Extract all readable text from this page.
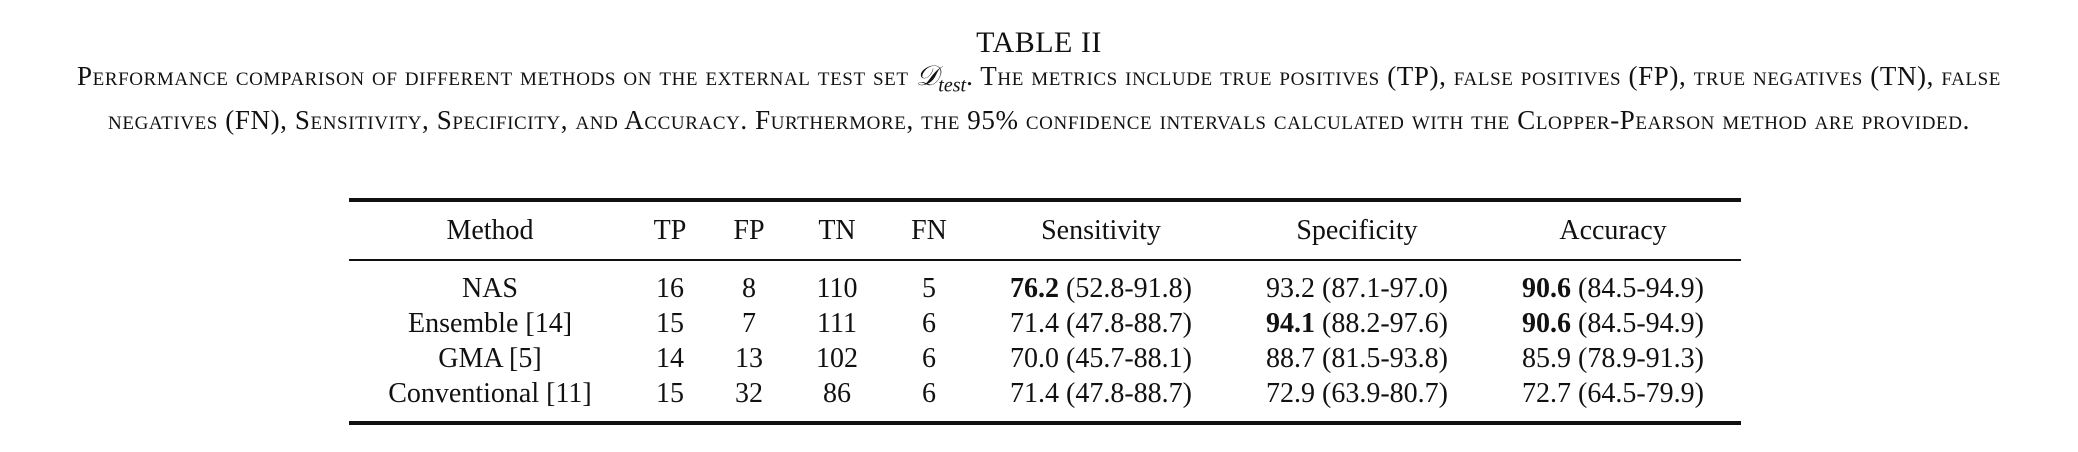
TABLE II
Performance comparison of different methods on the external test set 𝒟$_{test}$. The metrics include true positives (TP), false positives (FP), true negatives (TN), false negatives (FN), Sensitivity, Specificity, and Accuracy. Furthermore, the 95% confidence intervals calculated with the Clopper-Pearson method are provided.
Method	TP	FP	TN	FN	Sensitivity	Specificity	Accuracy
NAS	16	8	110	5	76.2 (52.8-91.8)	93.2 (87.1-97.0)	90.6 (84.5-94.9)
Ensemble [14]	15	7	111	6	71.4 (47.8-88.7)	94.1 (88.2-97.6)	90.6 (84.5-94.9)
GMA [5]	14	13	102	6	70.0 (45.7-88.1)	88.7 (81.5-93.8)	85.9 (78.9-91.3)
Conventional [11]	15	32	86	6	71.4 (47.8-88.7)	72.9 (63.9-80.7)	72.7 (64.5-79.9)
